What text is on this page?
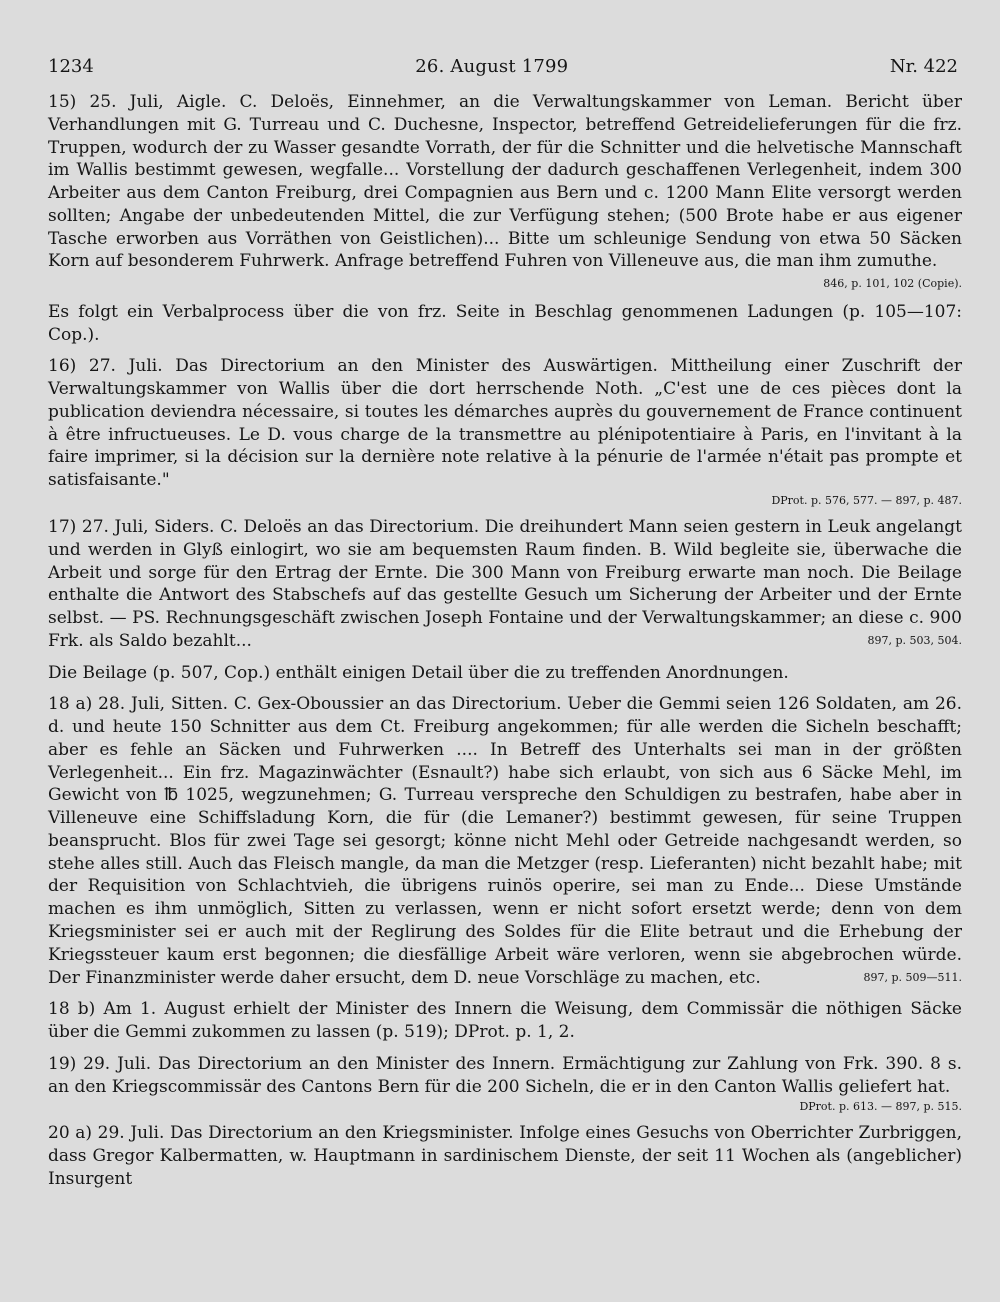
1234	26. August 1799	Nr. 422

15) 25. Juli, Aigle. C. Deloës, Einnehmer, an die Verwaltungskammer von Leman. Bericht über Verhandlungen mit G. Turreau und C. Duchesne, Inspector, betreffend Getreidelieferungen für die frz. Truppen, wodurch der zu Wasser gesandte Vorrath, der für die Schnitter und die helvetische Mannschaft im Wallis bestimmt gewesen, wegfalle... Vorstellung der dadurch geschaffenen Verlegenheit, indem 300 Arbeiter aus dem Canton Freiburg, drei Compagnien aus Bern und c. 1200 Mann Elite versorgt werden sollten; Angabe der unbedeutenden Mittel, die zur Verfügung stehen; (500 Brote habe er aus eigener Tasche erworben aus Vorräthen von Geistlichen)... Bitte um schleunige Sendung von etwa 50 Säcken Korn auf besonderem Fuhrwerk. Anfrage betreffend Fuhren von Villeneuve aus, die man ihm zumuthe.
846, p. 101, 102 (Copie).

Es folgt ein Verbalprocess über die von frz. Seite in Beschlag genommenen Ladungen (p. 105—107: Cop.).

16) 27. Juli. Das Directorium an den Minister des Auswärtigen. Mittheilung einer Zuschrift der Verwaltungskammer von Wallis über die dort herrschende Noth. „C'est une de ces pièces dont la publication deviendra nécessaire, si toutes les démarches auprès du gouvernement de France continuent à être infructueuses. Le D. vous charge de la transmettre au plénipotentiaire à Paris, en l'invitant à la faire imprimer, si la décision sur la dernière note relative à la pénurie de l'armée n'était pas prompte et satisfaisante."

DProt. p. 576, 577. — 897, p. 487.

17) 27. Juli, Siders. C. Deloës an das Directorium. Die dreihundert Mann seien gestern in Leuk angelangt und werden in Glyß einlogirt, wo sie am bequemsten Raum finden. B. Wild begleite sie, überwache die Arbeit und sorge für den Ertrag der Ernte. Die 300 Mann von Freiburg erwarte man noch. Die Beilage enthalte die Antwort des Stabschefs auf das gestellte Gesuch um Sicherung der Arbeiter und der Ernte selbst. — PS. Rechnungsgeschäft zwischen Joseph Fontaine und der Verwaltungskammer; an diese c. 900 Frk. als Saldo bezahlt...	897, p. 503, 504.

Die Beilage (p. 507, Cop.) enthält einigen Detail über die zu treffenden Anordnungen.

18 a) 28. Juli, Sitten. C. Gex-Oboussier an das Directorium. Ueber die Gemmi seien 126 Soldaten, am 26. d. und heute 150 Schnitter aus dem Ct. Freiburg angekommen; für alle werden die Sicheln beschafft; aber es fehle an Säcken und Fuhrwerken .... In Betreff des Unterhalts sei man in der größten Verlegenheit... Ein frz. Magazinwächter (Esnault?) habe sich erlaubt, von sich aus 6 Säcke Mehl, im Gewicht von ℔ 1025, wegzunehmen; G. Turreau verspreche den Schuldigen zu bestrafen, habe aber in Villeneuve eine Schiffsladung Korn, die für (die Lemaner?) bestimmt gewesen, für seine Truppen beansprucht. Blos für zwei Tage sei gesorgt; könne nicht Mehl oder Getreide nachgesandt werden, so stehe alles still. Auch das Fleisch mangle, da man die Metzger (resp. Lieferanten) nicht bezahlt habe; mit der Requisition von Schlachtvieh, die übrigens ruinös operire, sei man zu Ende... Diese Umstände machen es ihm unmöglich, Sitten zu verlassen, wenn er nicht sofort ersetzt werde; denn von dem Kriegsminister sei er auch mit der Reglirung des Soldes für die Elite betraut und die Erhebung der Kriegssteuer kaum erst begonnen; die diesfällige Arbeit wäre verloren, wenn sie abgebrochen würde. Der Finanzminister werde daher ersucht, dem D. neue Vorschläge zu machen, etc.	897, p. 509—511.

18 b) Am 1. August erhielt der Minister des Innern die Weisung, dem Commissär die nöthigen Säcke über die Gemmi zukommen zu lassen (p. 519); DProt. p. 1, 2.

19) 29. Juli. Das Directorium an den Minister des Innern. Ermächtigung zur Zahlung von Frk. 390. 8 s. an den Kriegscommissär des Cantons Bern für die 200 Sicheln, die er in den Canton Wallis geliefert hat.

DProt. p. 613. — 897, p. 515.

20 a) 29. Juli. Das Directorium an den Kriegsminister. Infolge eines Gesuchs von Oberrichter Zurbriggen, dass Gregor Kalbermatten, w. Hauptmann in sardinischem Dienste, der seit 11 Wochen als (angeblicher) Insurgent
